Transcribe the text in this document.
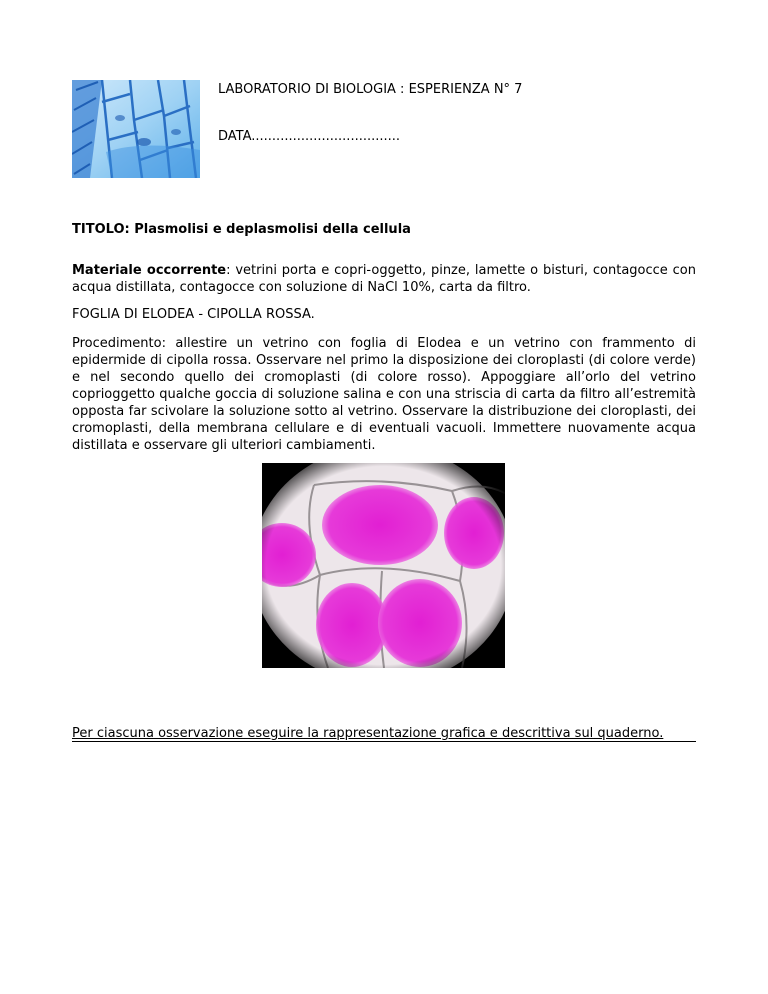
LABORATORIO DI BIOLOGIA : ESPERIENZA N° 7
DATA....................................
TITOLO: Plasmolisi e deplasmolisi della cellula
Materiale occorrente: vetrini porta e copri-oggetto, pinze, lamette o bisturi, contagocce con acqua distillata, contagocce con soluzione di NaCl 10%, carta da filtro.
FOGLIA DI ELODEA - CIPOLLA ROSSA.
Procedimento: allestire un vetrino con foglia di Elodea e un vetrino con frammento di epidermide di cipolla rossa. Osservare nel primo la disposizione dei cloroplasti (di colore verde) e nel secondo quello dei cromoplasti (di colore rosso). Appoggiare all’orlo del vetrino coprioggetto qualche goccia di soluzione salina e con una striscia di carta da filtro all’estremità opposta far scivolare la soluzione sotto al vetrino. Osservare la distribuzione dei cloroplasti, dei cromoplasti, della membrana cellulare e di eventuali vacuoli. Immettere nuovamente acqua distillata e osservare gli ulteriori cambiamenti.
Per ciascuna osservazione eseguire la rappresentazione grafica e descrittiva sul quaderno.
